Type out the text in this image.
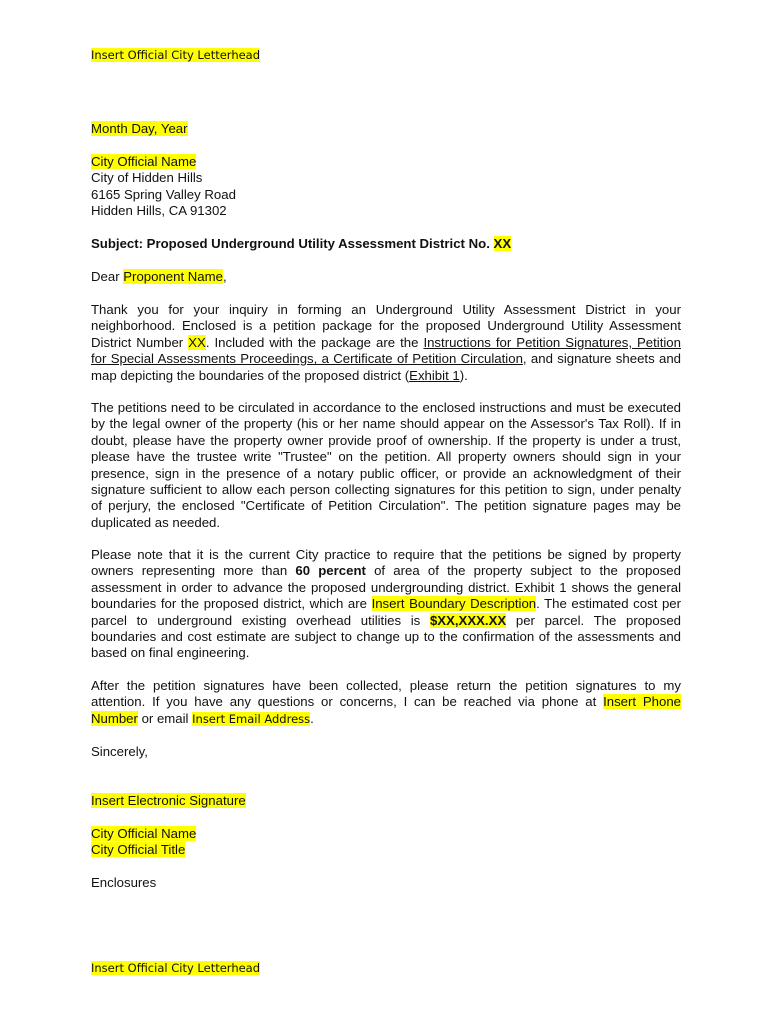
Insert Official City Letterhead
Month Day, Year
City Official Name
City of Hidden Hills
6165 Spring Valley Road
Hidden Hills, CA 91302
Subject: Proposed Underground Utility Assessment District No. XX
Dear Proponent Name,
Thank you for your inquiry in forming an Underground Utility Assessment District in your neighborhood. Enclosed is a petition package for the proposed Underground Utility Assessment District Number XX. Included with the package are the Instructions for Petition Signatures, Petition for Special Assessments Proceedings, a Certificate of Petition Circulation, and signature sheets and map depicting the boundaries of the proposed district (Exhibit 1).
The petitions need to be circulated in accordance to the enclosed instructions and must be executed by the legal owner of the property (his or her name should appear on the Assessor's Tax Roll). If in doubt, please have the property owner provide proof of ownership. If the property is under a trust, please have the trustee write "Trustee" on the petition. All property owners should sign in your presence, sign in the presence of a notary public officer, or provide an acknowledgment of their signature sufficient to allow each person collecting signatures for this petition to sign, under penalty of perjury, the enclosed "Certificate of Petition Circulation". The petition signature pages may be duplicated as needed.
Please note that it is the current City practice to require that the petitions be signed by property owners representing more than 60 percent of area of the property subject to the proposed assessment in order to advance the proposed undergrounding district. Exhibit 1 shows the general boundaries for the proposed district, which are Insert Boundary Description. The estimated cost per parcel to underground existing overhead utilities is $XX,XXX.XX per parcel. The proposed boundaries and cost estimate are subject to change up to the confirmation of the assessments and based on final engineering.
After the petition signatures have been collected, please return the petition signatures to my attention. If you have any questions or concerns, I can be reached via phone at Insert Phone Number or email Insert Email Address.
Sincerely,
Insert Electronic Signature
City Official Name
City Official Title
Enclosures
Insert Official City Letterhead
